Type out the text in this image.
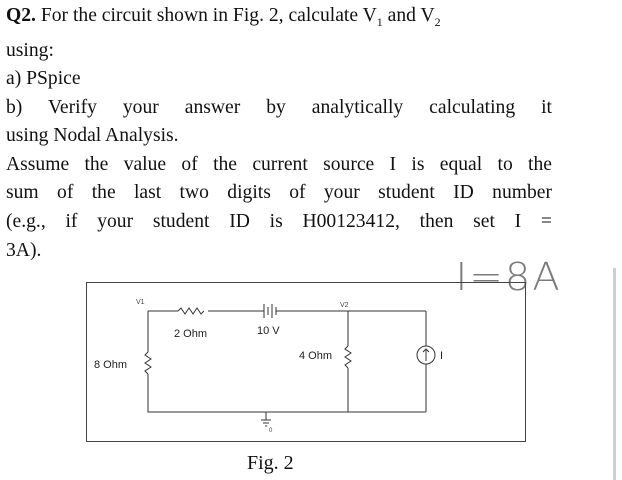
Q2. For the circuit shown in Fig. 2, calculate $V_1$ and $V_2$
using:
a) PSpice
b) Verify your answer by analytically calculating it
using Nodal Analysis.
Assume the value of the current source I is equal to the
sum of the last two digits of your student ID number
(e.g., if your student ID is H00123412, then set I =
3A).
I=8A
V1	V2
2 Ohm	10 V
4 Ohm
8 Ohm
I
0
Fig. 2
